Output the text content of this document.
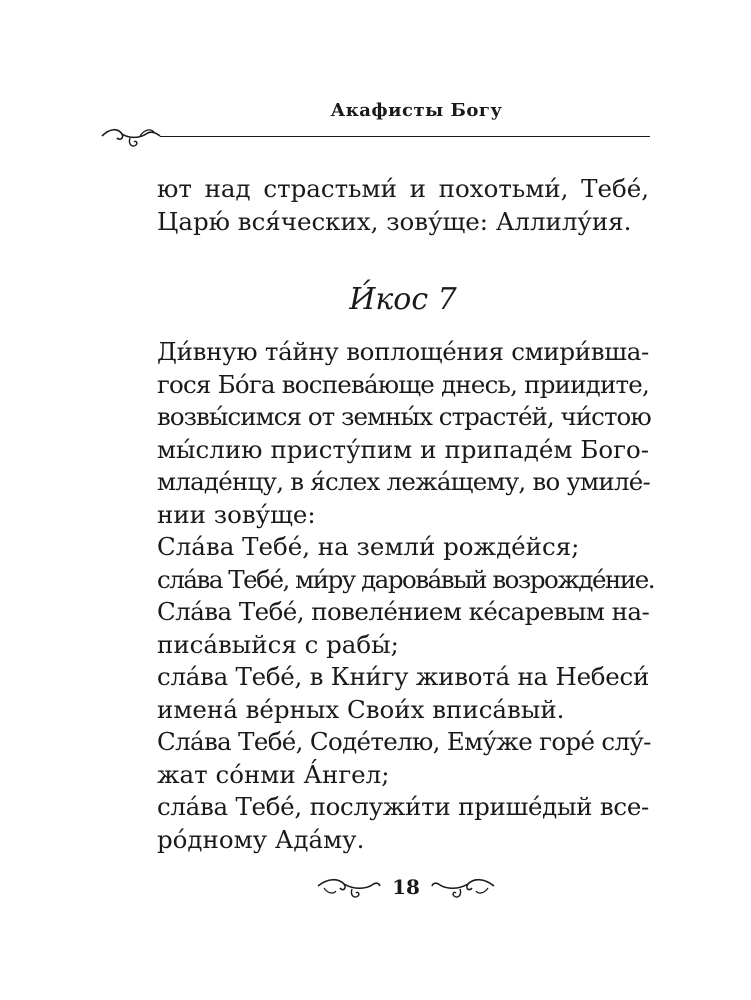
Акафисты Богу
ют над страстьми́ и похотьми́, Тебе́,
Царю́ вся́ческих, зову́ще: Аллилу́ия.
И́кос 7
Ди́вную та́йну воплоще́ния смири́вша-
гося Бо́га воспева́юще днесь, приидите,
возвы́симся от земны́х страсте́й, чи́стою
мы́слию присту́пим и припаде́м Бого-
младе́нцу, в я́слех лежа́щему, во умиле́-
нии зову́ще:
Сла́ва Тебе́, на земли́ рожде́йся;
сла́ва Тебе́, ми́ру дарова́вый возрожде́ние.
Сла́ва Тебе́, повеле́нием ке́саревым на-
писа́выйся с рабы́;
сла́ва Тебе́, в Кни́гу живота́ на Небеси́
имена́ ве́рных Свои́х вписа́вый.
Сла́ва Тебе́, Соде́телю, Ему́же горе́ слу́-
жат со́нми А́нгел;
сла́ва Тебе́, послужи́ти пришéдый все-
ро́дному Ада́му.
18
